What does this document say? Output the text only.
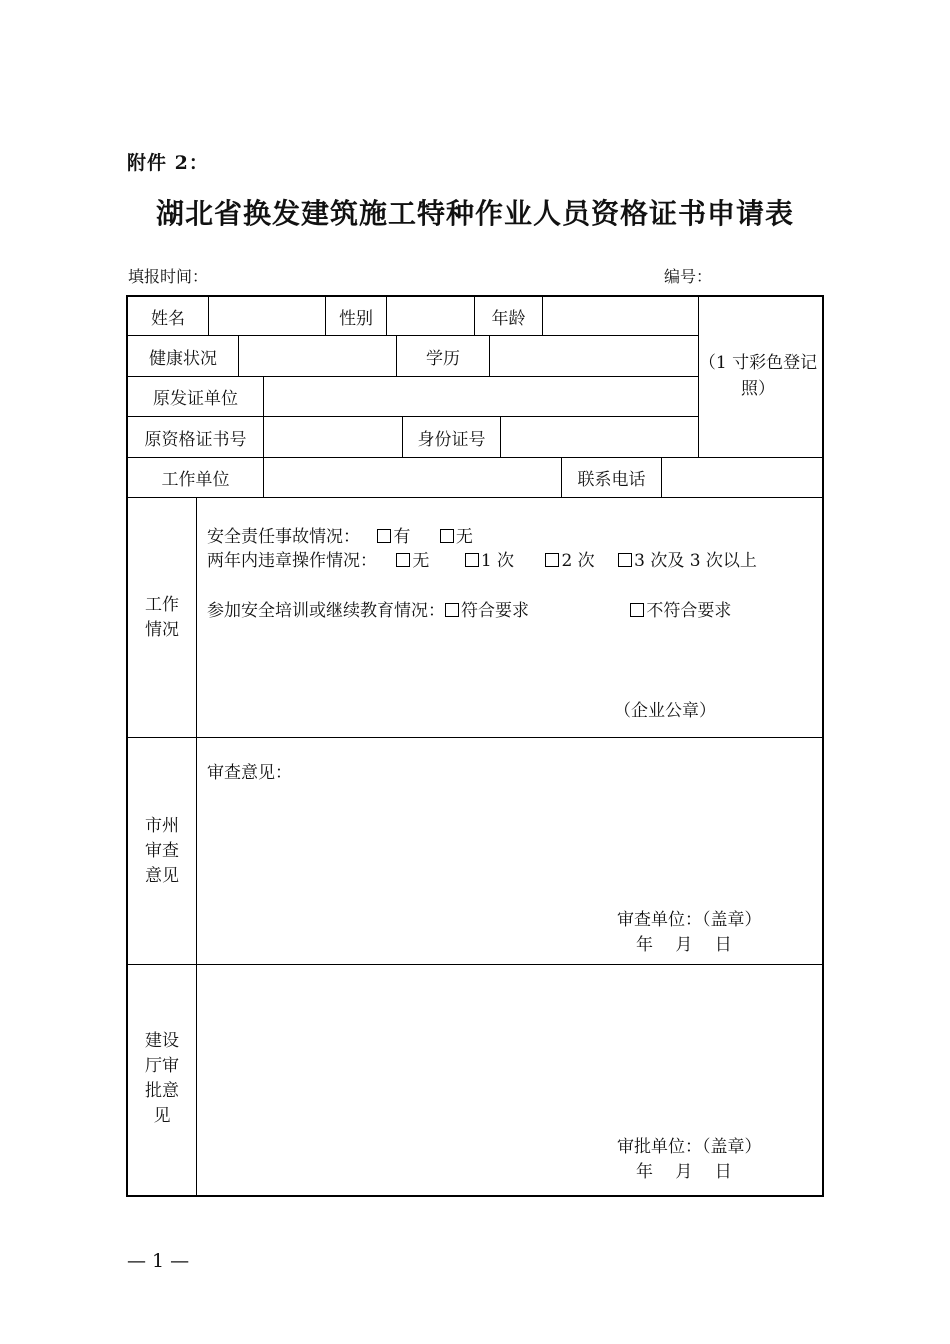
附件 2：
湖北省换发建筑施工特种作业人员资格证书申请表
填报时间：	编号：
姓名	性别	年龄
（1 寸彩色登记照）
健康状况	学历
原发证单位
原资格证书号	身份证号
工作单位	联系电话
工作情况
安全责任事故情况： 有	无
两年内违章操作情况： 无	1 次	2 次 3 次及 3 次以上
参加安全培训或继续教育情况： 符合要求	不符合要求
（企业公章）
市州审查意见
审查意见：
审查单位：（盖章）
年　 月　 日
建设厅审批意见
审批单位：（盖章）
年　 月　 日
— 1 —
